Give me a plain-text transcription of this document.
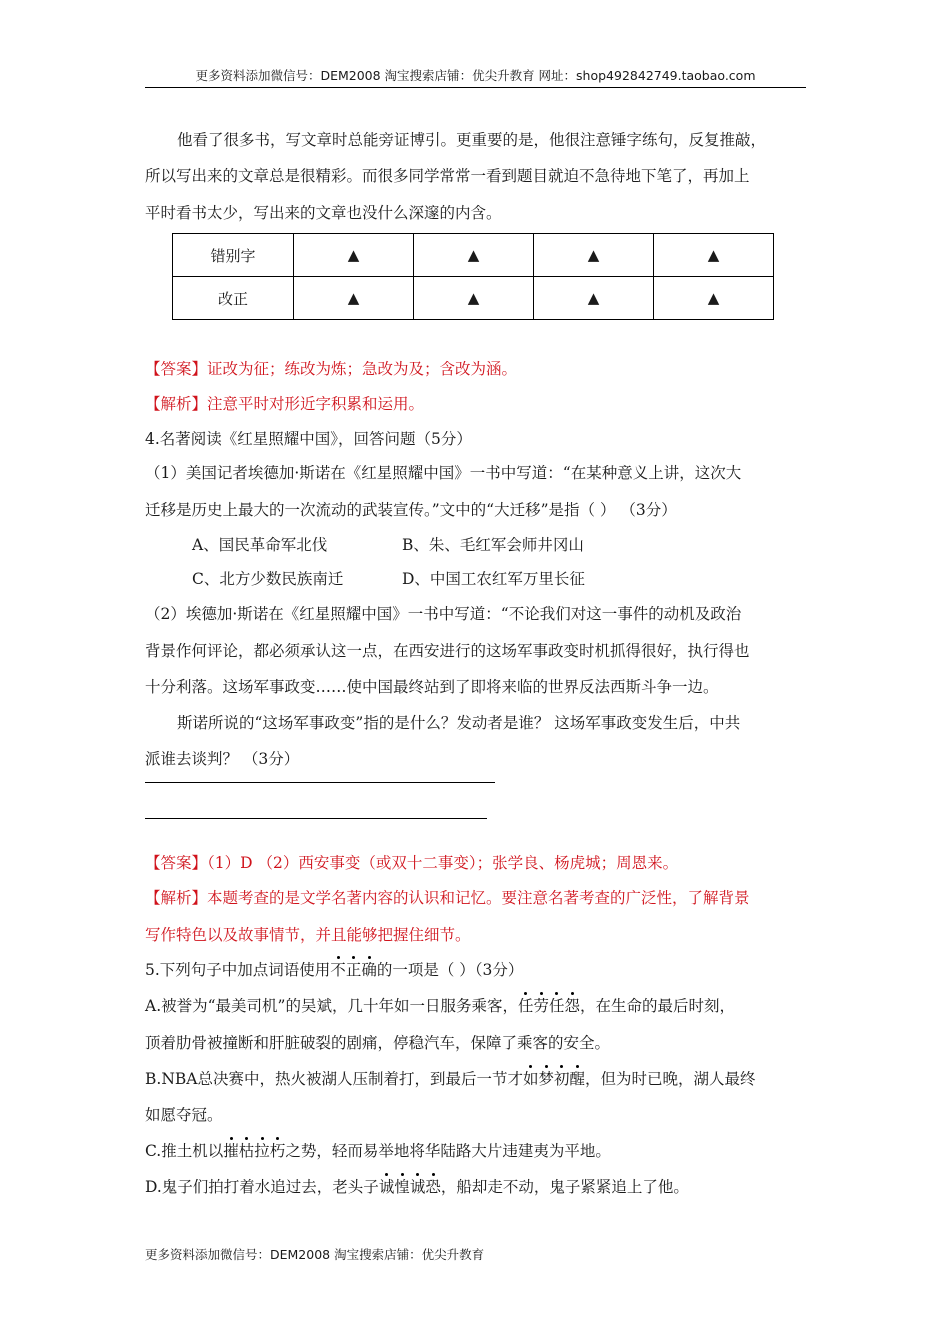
更多资料添加微信号：DEM2008 淘宝搜索店铺：优尖升教育 网址：shop492842749.taobao.com
他看了很多书，写文章时总能旁证博引。更重要的是，他很注意锤字练句，反复推敲，
所以写出来的文章总是很精彩。而很多同学常常一看到题目就迫不急待地下笔了，再加上
平时看书太少，写出来的文章也没什么深邃的内含。
错别字	▲	▲	▲	▲
改正	▲	▲	▲	▲
【答案】证改为征；练改为炼；急改为及；含改为涵。
【解析】注意平时对形近字积累和运用。
4.名著阅读《红星照耀中国》，回答问题（5分）
（1）美国记者埃德加·斯诺在《红星照耀中国》一书中写道：“在某种意义上讲，这次大
迁移是历史上最大的一次流动的武装宣传。”文中的“大迁移”是指（ ） （3分）
A、国民革命军北伐	B、朱、毛红军会师井冈山
C、北方少数民族南迁	D、中国工农红军万里长征
（2）埃德加·斯诺在《红星照耀中国》一书中写道：“不论我们对这一事件的动机及政治
背景作何评论，都必须承认这一点，在西安进行的这场军事政变时机抓得很好，执行得也
十分利落。这场军事政变……使中国最终站到了即将来临的世界反法西斯斗争一边。
斯诺所说的“这场军事政变”指的是什么？发动者是谁？ 这场军事政变发生后，中共
派谁去谈判？ （3分）
【答案】（1）D （2）西安事变（或双十二事变）；张学良、杨虎城；周恩来。
【解析】本题考查的是文学名著内容的认识和记忆。要注意名著考查的广泛性，了解背景
写作特色以及故事情节，并且能够把握住细节。
5.下列句子中加点词语使用不正确的一项是（ ）（3分）
A.被誉为“最美司机”的吴斌，几十年如一日服务乘客，任劳任怨，在生命的最后时刻，
顶着肋骨被撞断和肝脏破裂的剧痛，停稳汽车，保障了乘客的安全。
B.NBA总决赛中，热火被湖人压制着打，到最后一节才如梦初醒，但为时已晚，湖人最终
如愿夺冠。
C.推土机以摧枯拉朽之势，轻而易举地将华陆路大片违建夷为平地。
D.鬼子们拍打着水追过去，老头子诚惶诚恐，船却走不动，鬼子紧紧追上了他。
更多资料添加微信号：DEM2008 淘宝搜索店铺：优尖升教育
